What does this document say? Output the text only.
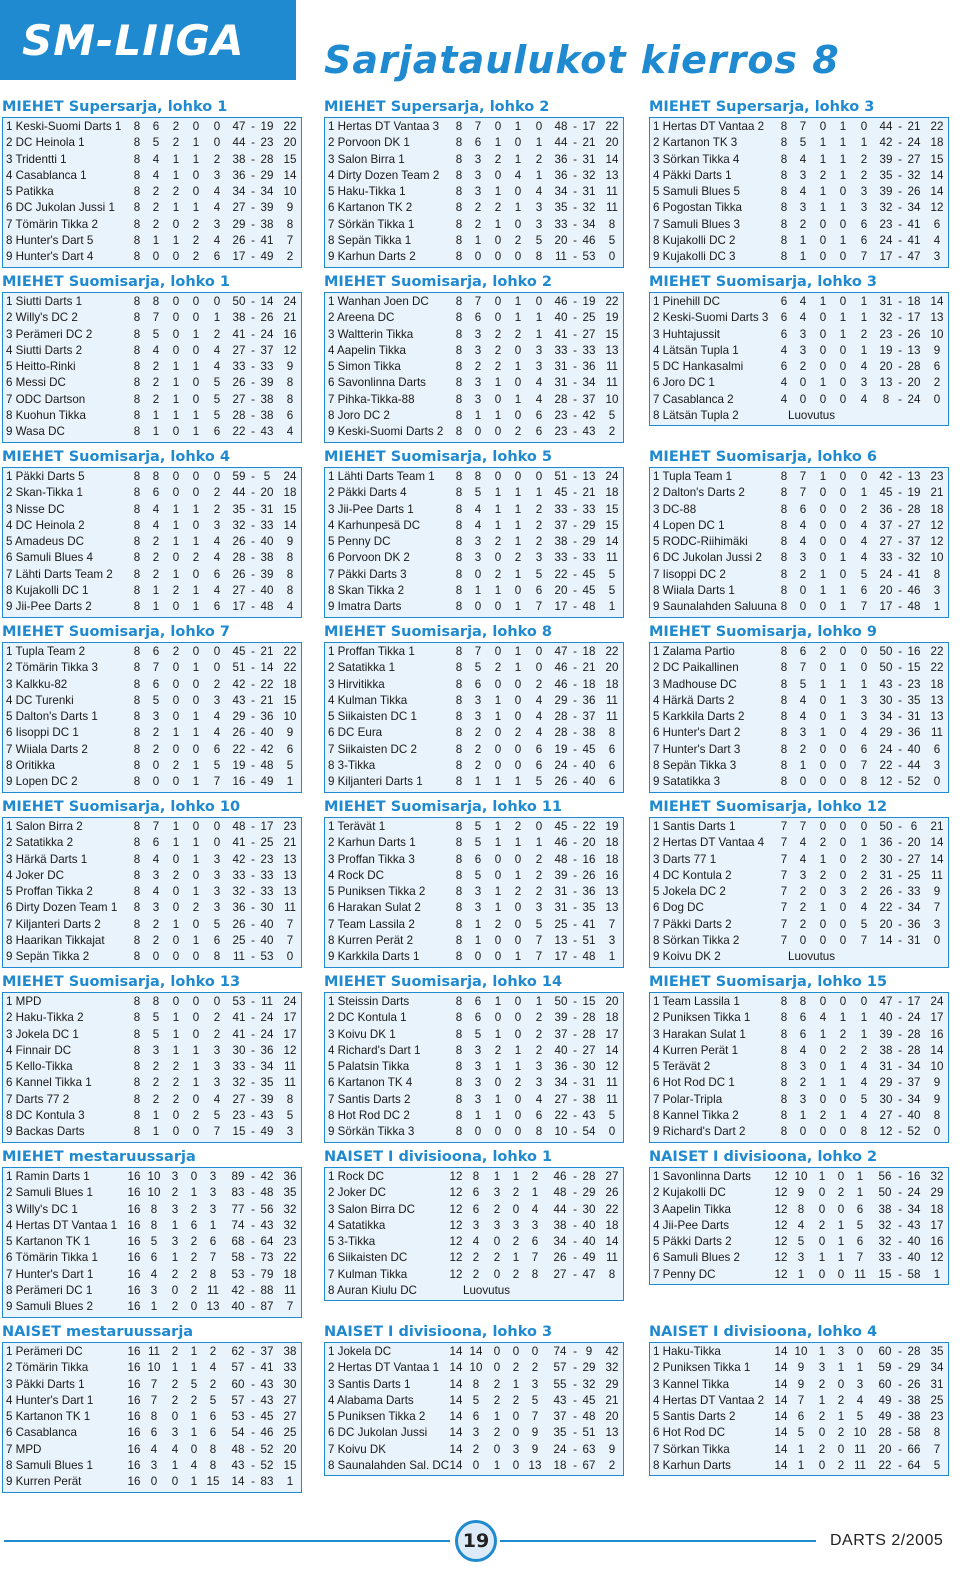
SM-LIIGA Sarjataulukot kierros 8
MIEHET Supersarja, lohko 1
1 Keski-Suomi Darts 1	8	6	2	0	0	47 - 19 22
2 DC Heinola 1	8	5	2	1	0	44 - 23 20
3 Tridentti 1	8	4	1	1	2	38 - 28 15
4 Casablanca 1	8	4	1	0	3	36 - 29 14
5 Patikka	8	2	2	0	4	34 - 34 10
6 DC Jukolan Jussi 1	8	2	1	1	4	27 - 39	9
7 Tömärin Tikka 2	8	2	0	2	3	29 - 38	8
8 Hunter's Dart 5	8	1	1	2	4	26 - 41	7
9 Hunter's Dart 4	8	0	0	2	6	17 - 49	2
MIEHET Suomisarja, lohko 1
1 Siutti Darts 1	8	8	0	0	0	50 - 14 24
2 Willy's DC 2	8	7	0	0	1	38 - 26 21
3 Perämeri DC 2	8	5	0	1	2	41 - 24 16
4 Siutti Darts 2	8	4	0	0	4	27 - 37 12
5 Heitto-Rinki	8	2	1	1	4	33 - 33	9
6 Messi DC	8	2	1	0	5	26 - 39	8
7 ODC Dartson	8	2	1	0	5	27 - 38	8
8 Kuohun Tikka	8	1	1	1	5	28 - 38	6
9 Wasa DC	8	1	0	1	6	22 - 43	4
MIEHET Suomisarja, lohko 4
1 Päkki Darts 5	8	8	0	0	0	59 - 5	24
2 Skan-Tikka 1	8	6	0	0	2	44 - 20 18
3 Nisse DC	8	4	1	1	2	35 - 31 15
4 DC Heinola 2	8	4	1	0	3	32 - 33 14
5 Amadeus DC	8	2	1	1	4	26 - 40	9
6 Samuli Blues 4	8	2	0	2	4	28 - 38	8
7 Lähti Darts Team 2	8	2	1	0	6	26 - 39	8
8 Kujakolli DC 1	8	1	2	1	4	27 - 40	8
9 Jii-Pee Darts 2	8	1	0	1	6	17 - 48	4
MIEHET Suomisarja, lohko 7
1 Tupla Team 2	8	6	2	0	0	45 - 21 22
2 Tömärin Tikka 3	8	7	0	1	0	51 - 14 22
3 Kalkku-82	8	6	0	0	2	42 - 22 18
4 DC Turenki	8	5	0	0	3	43 - 21 15
5 Dalton's Darts 1	8	3	0	1	4	29 - 36 10
6 Iisoppi DC 1	8	2	1	1	4	26 - 40	9
7 Wiiala Darts 2	8	2	0	0	6	22 - 42	6
8 Oritikka	8	0	2	1	5	19 - 48	5
9 Lopen DC 2	8	0	0	1	7	16 - 49	1
MIEHET Suomisarja, lohko 10
1 Salon Birra 2	8	7	1	0	0	48 - 17 23
2 Satatikka 2	8	6	1	1	0	41 - 25 21
3 Härkä Darts 1	8	4	0	1	3	42 - 23 13
4 Joker DC	8	3	2	0	3	33 - 33 13
5 Proffan Tikka 2	8	4	0	1	3	32 - 33 13
6 Dirty Dozen Team 1	8	3	0	2	3	36 - 30 11
7 Kiljanteri Darts 2	8	2	1	0	5	26 - 40	7
8 Haarikan Tikkajat	8	2	0	1	6	25 - 40	7
9 Sepän Tikka 2	8	0	0	0	8	11 - 53	0
MIEHET Suomisarja, lohko 13
1 MPD	8	8	0	0	0	53 - 11 24
2 Haku-Tikka 2	8	5	1	0	2	41 - 24 17
3 Jokela DC 1	8	5	1	0	2	41 - 24 17
4 Finnair DC	8	3	1	1	3	30 - 36 12
5 Kello-Tikka	8	2	2	1	3	33 - 34 11
6 Kannel Tikka 1	8	2	2	1	3	32 - 35 11
7 Darts 77 2	8	2	2	0	4	27 - 39	8
8 DC Kontula 3	8	1	0	2	5	23 - 43	5
9 Backas Darts	8	1	0	0	7	15 - 49	3
MIEHET mestaruussarja
1 Ramin Darts 1	16 10 3	0	3	89 - 42 36
2 Samuli Blues 1	16 10 2	1	3	83 - 48 35
3 Willy's DC 1	16 8	3	2	3	77 - 56 32
4 Hertas DT Vantaa 1 16 8	1	6	1	74 - 43 32
5 Kartanon TK 1	16 5	3	2	6	68 - 64 23
6 Tömärin Tikka 1	16 6	1	2	7	58 - 73 22
7 Hunter's Dart 1	16 4	2	2	8	53 - 79 18
8 Perämeri DC 1	16 3	0	2 11	42 - 88 11
9 Samuli Blues 2	16 1	2	0 13	40 - 87	7
NAISET mestaruussarja
1 Perämeri DC	16 11	2	1	2	62 - 37 38
2 Tömärin Tikka	16 10 1	1	4	57 - 41 33
3 Päkki Darts 1	16 7	2	5	2	60 - 43 30
4 Hunter's Dart 1	16 7	2	2	5	57 - 43 27
5 Kartanon TK 1	16 8	0	1	6	53 - 45 27
6 Casablanca	16 6	3	1	6	54 - 46 25
7 MPD	16 4	4	0	8	48 - 52 20
8 Samuli Blues 1	16 3	1	4	8	43 - 52 15
9 Kurren Perät	16 0	0	1 15	14 - 83	1
MIEHET Supersarja, lohko 2
1 Hertas DT Vantaa 3	8	7	0	1	0	48 - 17 22
2 Porvoon DK 1	8	6	1	0	1	44 - 21 20
3 Salon Birra 1	8	3	2	1	2	36 - 31 14
4 Dirty Dozen Team 2	8	3	0	4	1	36 - 32 13
5 Haku-Tikka 1	8	3	1	0	4	34 - 31 11
6 Kartanon TK 2	8	2	2	1	3	35 - 32 11
7 Sörkän Tikka 1	8	2	1	0	3	33 - 34	8
8 Sepän Tikka 1	8	1	0	2	5	20 - 46	5
9 Karhun Darts 2	8	0	0	0	8	11 - 53	0
MIEHET Suomisarja, lohko 2
1 Wanhan Joen DC	8	7	0	1	0	46 - 19 22
2 Areena DC	8	6	0	1	1	40 - 25 19
3 Waltterin Tikka	8	3	2	2	1	41 - 27 15
4 Aapelin Tikka	8	3	2	0	3	33 - 33 13
5 Simon Tikka	8	2	2	1	3	31 - 36 11
6 Savonlinna Darts	8	3	1	0	4	31 - 34 11
7 Pihka-Tikka-88	8	3	0	1	4	28 - 37 10
8 Joro DC 2	8	1	1	0	6	23 - 42	5
9 Keski-Suomi Darts 2	8	0	0	2	6	23 - 43	2
MIEHET Suomisarja, lohko 5
1 Lähti Darts Team 1	8	8	0	0	0	51 - 13 24
2 Päkki Darts 4	8	5	1	1	1	45 - 21 18
3 Jii-Pee Darts 1	8	4	1	1	2	33 - 33 15
4 Karhunpesä DC	8	4	1	1	2	37 - 29 15
5 Penny DC	8	3	2	1	2	38 - 29 14
6 Porvoon DK 2	8	3	0	2	3	33 - 33 11
7 Päkki Darts 3	8	0	2	1	5	22 - 45	5
8 Skan Tikka 2	8	1	1	0	6	20 - 45	5
9 Imatra Darts	8	0	0	1	7	17 - 48	1
MIEHET Suomisarja, lohko 8
1 Proffan Tikka 1	8	7	0	1	0	47 - 18 22
2 Satatikka 1	8	5	2	1	0	46 - 21 20
3 Hirvitikka	8	6	0	0	2	46 - 18 18
4 Kulman Tikka	8	3	1	0	4	29 - 36 11
5 Siikaisten DC 1	8	3	1	0	4	28 - 37 11
6 DC Eura	8	2	0	2	4	28 - 38	8
7 Siikaisten DC 2	8	2	0	0	6	19 - 45	6
8 3-Tikka	8	2	0	0	6	24 - 40	6
9 Kiljanteri Darts 1	8	1	1	1	5	26 - 40	6
MIEHET Suomisarja, lohko 11
1 Terävät 1	8	5	1	2	0	45 - 22 19
2 Karhun Darts 1	8	5	1	1	1	46 - 20 18
3 Proffan Tikka 3	8	6	0	0	2	48 - 16 18
4 Rock DC	8	5	0	1	2	39 - 26 16
5 Puniksen Tikka 2	8	3	1	2	2	31 - 36 13
6 Harakan Sulat 2	8	3	1	0	3	31 - 35 13
7 Team Lassila 2	8	1	2	0	5	25 - 41	7
8 Kurren Perät 2	8	1	0	0	7	13 - 51	3
9 Karkkila Darts 1	8	0	0	1	7	17 - 48	1
MIEHET Suomisarja, lohko 14
1 Steissin Darts	8	6	1	0	1	50 - 15 20
2 DC Kontula 1	8	6	0	0	2	39 - 28 18
3 Koivu DK 1	8	5	1	0	2	37 - 28 17
4 Richard's Dart 1	8	3	2	1	2	40 - 27 14
5 Palatsin Tikka	8	3	1	1	3	36 - 30 12
6 Kartanon TK 4	8	3	0	2	3	34 - 31 11
7 Santis Darts 2	8	3	1	0	4	27 - 38 11
8 Hot Rod DC 2	8	1	1	0	6	22 - 43	5
9 Sörkän Tikka 3	8	0	0	0	8	10 - 54	0
NAISET I divisioona, lohko 1
1 Rock DC	12 8	1	1	2	46 - 28 27
2 Joker DC	12 6	3	2	1	48 - 29 26
3 Salon Birra DC	12 6	2	0	4	44 - 30 22
4 Satatikka	12 3	3	3	3	38 - 40 18
5 3-Tikka	12 4	0	2	6	34 - 40 14
6 Siikaisten DC	12 2	2	1	7	26 - 49 11
7 Kulman Tikka	12 2	0	2	8	27 - 47	8
8 Auran Kiulu DC	Luovutus
NAISET I divisioona, lohko 3
1 Jokela DC	14 14 0	0	0	74 - 9	42
2 Hertas DT Vantaa 1 14 10 0	2	2	57 - 29 32
3 Santis Darts 1	14 8	2	1	3	55 - 32 29
4 Alabama Darts	14 5	2	2	5	43 - 45 21
5 Puniksen Tikka 2	14 6	1	0	7	37 - 48 20
6 DC Jukolan Jussi	14 3	2	0	9	35 - 51 13
7 Koivu DK	14 2	0	3	9	24 - 63	9
8 Saunalahden Sal. DC 14 0	1	0 13	18 - 67	2
MIEHET Supersarja, lohko 3
1 Hertas DT Vantaa 2	8	7	0	1	0	44 - 21 22
2 Kartanon TK 3	8	5	1	1	1	42 - 24 18
3 Sörkan Tikka 4	8	4	1	1	2	39 - 27 15
4 Päkki Darts 1	8	3	2	1	2	35 - 32 14
5 Samuli Blues 5	8	4	1	0	3	39 - 26 14
6 Pogostan Tikka	8	3	1	1	3	32 - 34 12
7 Samuli Blues 3	8	2	0	0	6	23 - 41	6
8 Kujakolli DC 2	8	1	0	1	6	24 - 41	4
9 Kujakolli DC 3	8	1	0	0	7	17 - 47	3
MIEHET Suomisarja, lohko 3
1 Pinehill DC	6	4	1	0	1	31 - 18 14
2 Keski-Suomi Darts 3	6	4	0	1	1	32 - 17 13
3 Huhtajussit	6	3	0	1	2	23 - 26 10
4 Lätsän Tupla 1	4	3	0	0	1	19 - 13	9
5 DC Hankasalmi	6	2	0	0	4	20 - 28	6
6 Joro DC 1	4	0	1	0	3	13 - 20	2
7 Casablanca 2	4	0	0	0	4	8 - 24	0
8 Lätsän Tupla 2	Luovutus
MIEHET Suomisarja, lohko 6
1 Tupla Team 1	8	7	1	0	0	42 - 13 23
2 Dalton's Darts 2	8	7	0	0	1	45 - 19 21
3 DC-88	8	6	0	0	2	36 - 28 18
4 Lopen DC 1	8	4	0	0	4	37 - 27 12
5 RODC-Riihimäki	8	4	0	0	4	27 - 37 12
6 DC Jukolan Jussi 2	8	3	0	1	4	33 - 32 10
7 Iisoppi DC 2	8	2	1	0	5	24 - 41	8
8 Wiiala Darts 1	8	0	1	1	6	20 - 46	3
9 Saunalahden Saluuna 8	0	0	1	7	17 - 48	1
MIEHET Suomisarja, lohko 9
1 Zalama Partio	8	6	2	0	0	50 - 16 22
2 DC Paikallinen	8	7	0	1	0	50 - 15 22
3 Madhouse DC	8	5	1	1	1	43 - 23 18
4 Härkä Darts 2	8	4	0	1	3	30 - 35 13
5 Karkkila Darts 2	8	4	0	1	3	34 - 31 13
6 Hunter's Dart 2	8	3	1	0	4	29 - 36 11
7 Hunter's Dart 3	8	2	0	0	6	24 - 40	6
8 Sepän Tikka 3	8	1	0	0	7	22 - 44	3
9 Satatikka 3	8	0	0	0	8	12 - 52	0
MIEHET Suomisarja, lohko 12
1 Santis Darts 1	7	7	0	0	0	50 - 6	21
2 Hertas DT Vantaa 4	7	4	2	0	1	36 - 20 14
3 Darts 77 1	7	4	1	0	2	30 - 27 14
4 DC Kontula 2	7	3	2	0	2	31 - 25 11
5 Jokela DC 2	7	2	0	3	2	26 - 33	9
6 Dog DC	7	2	1	0	4	22 - 34	7
7 Päkki Darts 2	7	2	0	0	5	20 - 36	3
8 Sörkan Tikka 2	7	0	0	0	7	14 - 31	0
9 Koivu DK 2	Luovutus
MIEHET Suomisarja, lohko 15
1 Team Lassila 1	8	8	0	0	0	47 - 17 24
2 Puniksen Tikka 1	8	6	4	1	1	40 - 24 17
3 Harakan Sulat 1	8	6	1	2	1	39 - 28 16
4 Kurren Perät 1	8	4	0	2	2	38 - 28 14
5 Terävät 2	8	3	0	1	4	31 - 34 10
6 Hot Rod DC 1	8	2	1	1	4	29 - 37	9
7 Polar-Tripla	8	3	0	0	5	30 - 34	9
8 Kannel Tikka 2	8	1	2	1	4	27 - 40	8
9 Richard's Dart 2	8	0	0	0	8	12 - 52	0
NAISET I divisioona, lohko 2
1 Savonlinna Darts	12 10 1	0	1	56 - 16 32
2 Kujakolli DC	12 9	0	2	1	50 - 24 29
3 Aapelin Tikka	12 8	0	0	6	38 - 34 18
4 Jii-Pee Darts	12 4	2	1	5	32 - 43 17
5 Päkki Darts 2	12 5	0	1	6	32 - 40 16
6 Samuli Blues 2	12 3	1	1	7	33 - 40 12
7 Penny DC	12 1	0	0 11	15 - 58	1
NAISET I divisioona, lohko 4
1 Haku-Tikka	14 10 1	3	0	60 - 28 35
2 Puniksen Tikka 1	14 9	3	1	1	59 - 29 34
3 Kannel Tikka	14 9	2	0	3	60 - 26 31
4 Hertas DT Vantaa 2 14 7	1	2	4	49 - 38 25
5 Santis Darts 2	14 6	2	1	5	49 - 38 23
6 Hot Rod DC	14 5	0	2 10	28 - 58	8
7 Sörkan Tikka	14 1	2	0 11	20 - 66	7
8 Karhun Darts	14 1	0	2 11	22 - 64	5
19	DARTS 2/2005
